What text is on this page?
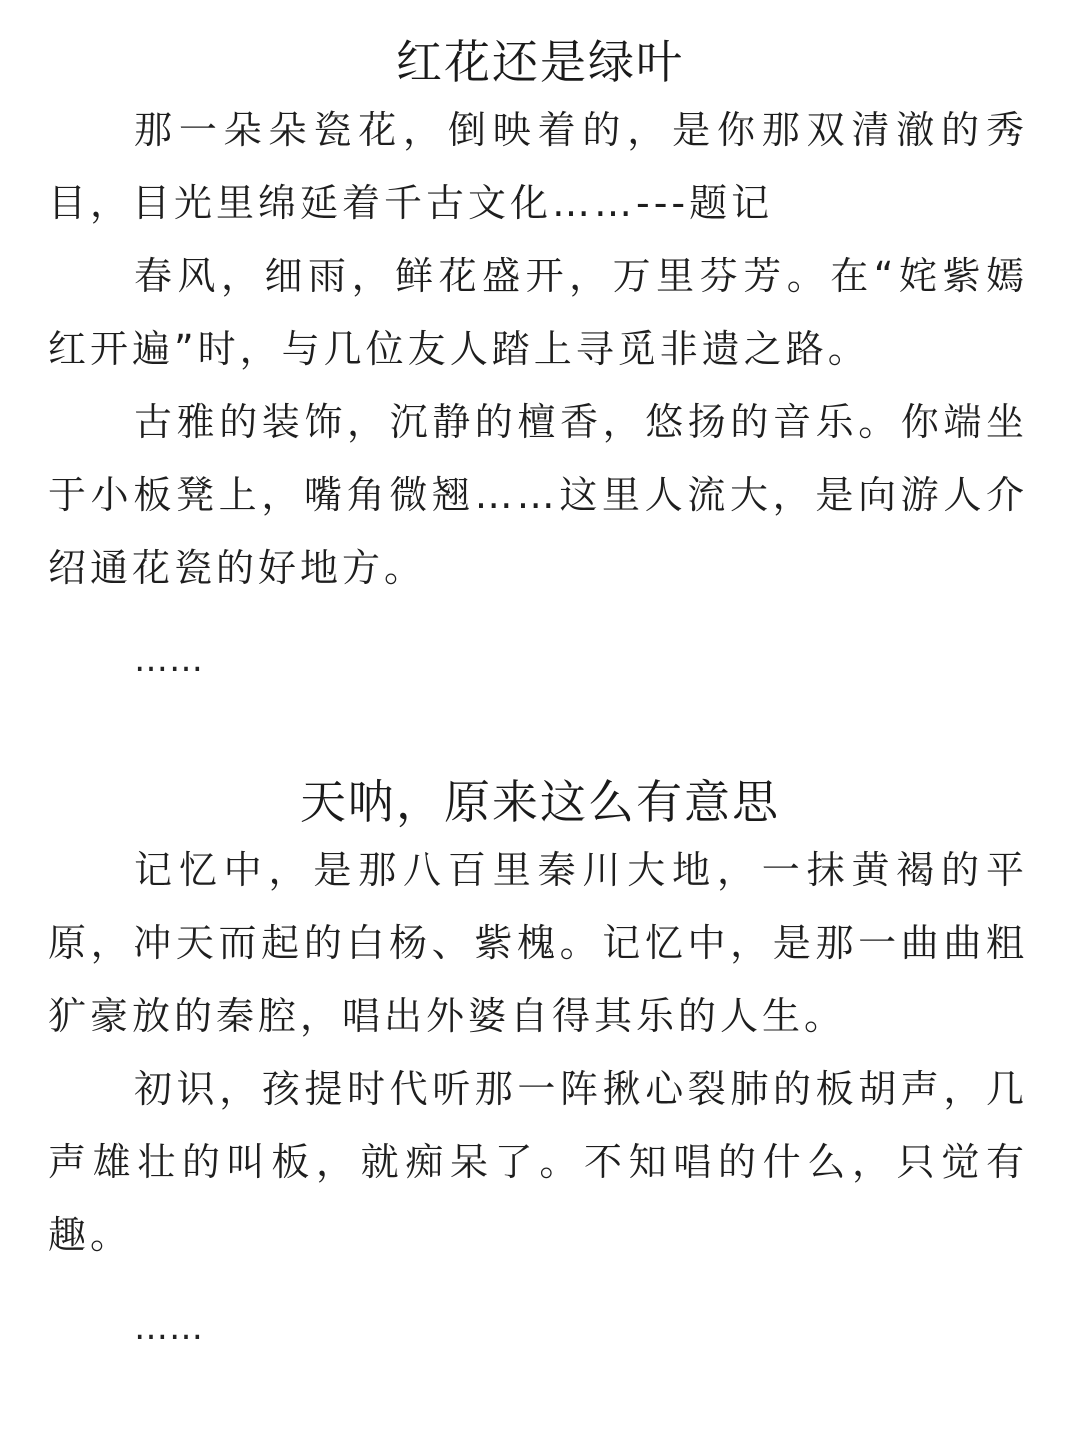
红花还是绿叶

那一朵朵瓷花，倒映着的，是你那双清澈的秀目，目光里绵延着千古文化……---题记

春风，细雨，鲜花盛开，万里芬芳。在“姹紫嫣红开遍”时，与几位友人踏上寻觅非遗之路。

古雅的装饰，沉静的檀香，悠扬的音乐。你端坐于小板凳上，嘴角微翘……这里人流大，是向游人介绍通花瓷的好地方。

……

天呐，原来这么有意思

记忆中，是那八百里秦川大地，一抹黄褐的平原，冲天而起的白杨、紫槐。记忆中，是那一曲曲粗犷豪放的秦腔，唱出外婆自得其乐的人生。

初识，孩提时代听那一阵揪心裂肺的板胡声，几声雄壮的叫板，就痴呆了。不知唱的什么，只觉有趣。

……
